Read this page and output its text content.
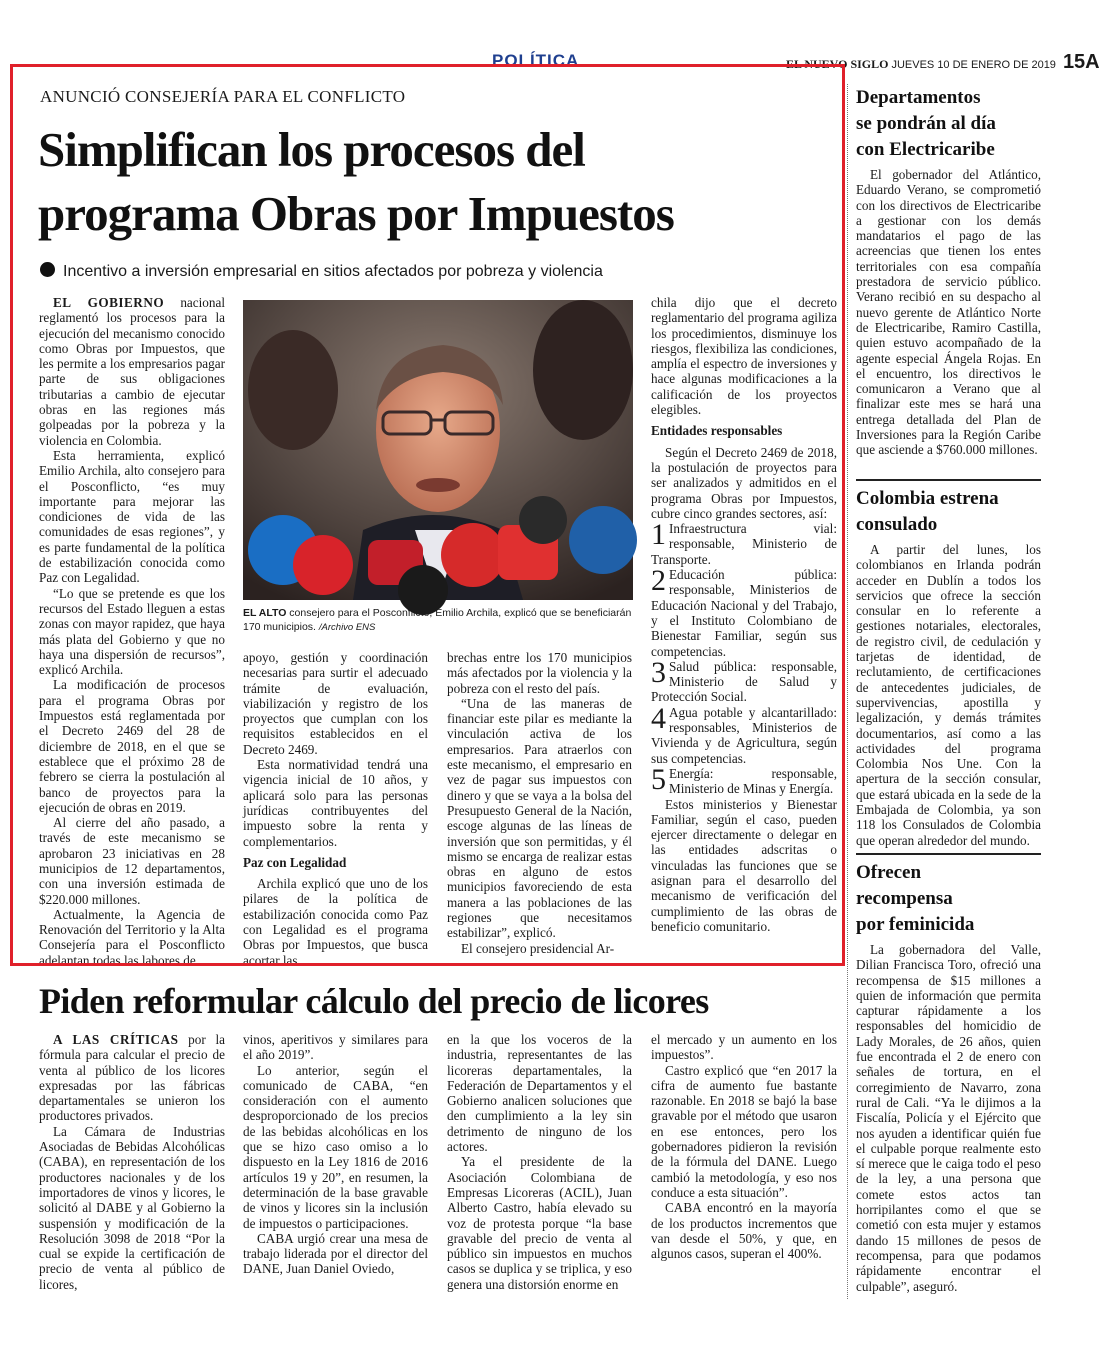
POLÍTICA	EL NUEVO SIGLO JUEVES 10 DE ENERO DE 2019 15A
ANUNCIÓ CONSEJERÍA PARA EL CONFLICTO
Simplifican los procesos del
programa Obras por Impuestos
Incentivo a inversión empresarial en sitios afectados por pobreza y violencia

EL GOBIERNO nacional reglamentó los procesos para la ejecución del mecanismo conocido como Obras por Impuestos, que les permite a los empresarios pagar parte de sus obligaciones tributarias a cambio de ejecutar obras en las regiones más golpeadas por la pobreza y la violencia en Colombia.

Esta herramienta, explicó Emilio Archila, alto consejero para el Posconflicto, “es muy importante para mejorar las condiciones de vida de las comunidades de esas regiones”, y es parte fundamental de la política de estabilización conocida como Paz con Legalidad.

“Lo que se pretende es que los recursos del Estado lleguen a estas zonas con mayor rapidez, que haya más plata del Gobierno y que no haya una dispersión de recursos”, explicó Archila.

La modificación de procesos para el programa Obras por Impuestos está reglamentada por el Decreto 2469 del 28 de diciembre de 2018, en el que se establece que el próximo 28 de febrero se cierra la postulación al banco de proyectos para la ejecución de obras en 2019.

Al cierre del año pasado, a través de este mecanismo se aprobaron 23 iniciativas en 28 municipios de 12 departamentos, con una inversión estimada de $220.000 millones.

Actualmente, la Agencia de Renovación del Territorio y la Alta Consejería para el Posconflicto adelantan todas las labores de

EL ALTO consejero para el Posconflicto, Emilio Archila, explicó que se beneficiarán 170 municipios. /Archivo ENS

apoyo, gestión y coordinación necesarias para surtir el adecuado trámite de evaluación, viabilización y registro de los proyectos que cumplan con los requisitos establecidos en el Decreto 2469.

Esta normatividad tendrá una vigencia inicial de 10 años, y aplicará solo para las personas jurídicas contribuyentes del impuesto sobre la renta y complementarios.

Paz con Legalidad

Archila explicó que uno de los pilares de la política de estabilización conocida como Paz con Legalidad es el programa Obras por Impuestos, que busca acortar las

brechas entre los 170 municipios más afectados por la violencia y la pobreza con el resto del país.

“Una de las maneras de financiar este pilar es mediante la vinculación activa de los empresarios. Para atraerlos con este mecanismo, el empresario en vez de pagar sus impuestos con dinero y que se vaya a la bolsa del Presupuesto General de la Nación, escoge algunas de las líneas de inversión que son permitidas, y él mismo se encarga de realizar estas obras en alguno de estos municipios favoreciendo de esta manera a las poblaciones de las regiones que necesitamos estabilizar”, explicó.

El consejero presidencial Ar-

chila dijo que el decreto reglamentario del programa agiliza los procedimientos, disminuye los riesgos, flexibiliza las condiciones, amplía el espectro de inversiones y hace algunas modificaciones a la calificación de los proyectos elegibles.

Entidades responsables

Según el Decreto 2469 de 2018, la postulación de proyectos para ser analizados y admitidos en el programa Obras por Impuestos, cubre cinco grandes sectores, así:

1 Infraestructura vial: responsable, Ministerio de Transporte.

2 Educación pública: responsable, Ministerios de Educación Nacional y del Trabajo, y el Instituto Colombiano de Bienestar Familiar, según sus competencias.

3 Salud pública: responsable, Ministerio de Salud y Protección Social.

4 Agua potable y alcantarillado: responsables, Ministerios de Vivienda y de Agricultura, según sus competencias.

5 Energía: responsable, Ministerio de Minas y Energía.

Estos ministerios y Bienestar Familiar, según el caso, pueden ejercer directamente o delegar en las entidades adscritas o vinculadas las funciones que se asignan para el desarrollo del mecanismo de verificación del cumplimiento de las obras de beneficio comunitario.

Piden reformular cálculo del precio de licores

A LAS CRÍTICAS por la fórmula para calcular el precio de venta al público de los licores expresadas por las fábricas departamentales se unieron los productores privados.

La Cámara de Industrias Asociadas de Bebidas Alcohólicas (CABA), en representación de los productores nacionales y de los importadores de vinos y licores, le solicitó al DABE y al Gobierno la suspensión y modificación de la Resolución 3098 de 2018 “Por la cual se expide la certificación de precio de venta al público de licores,

vinos, aperitivos y similares para el año 2019”.

Lo anterior, según el comunicado de CABA, “en consideración con el aumento desproporcionado de los precios de las bebidas alcohólicas en los que se hizo caso omiso a lo dispuesto en la Ley 1816 de 2016 artículos 19 y 20”, en resumen, la determinación de la base gravable de vinos y licores sin la inclusión de impuestos o participaciones.

CABA urgió crear una mesa de trabajo liderada por el director del DANE, Juan Daniel Oviedo,

en la que los voceros de la industria, representantes de las licoreras departamentales, la Federación de Departamentos y el Gobierno analicen soluciones que den cumplimiento a la ley sin detrimento de ninguno de los actores.

Ya el presidente de la Asociación Colombiana de Empresas Licoreras (ACIL), Juan Alberto Castro, había elevado su voz de protesta porque “la base gravable del precio de venta al público sin impuestos en muchos casos se duplica y se triplica, y eso genera una distorsión enorme en

el mercado y un aumento en los impuestos”.

Castro explicó que “en 2017 la cifra de aumento fue bastante razonable. En 2018 se bajó la base gravable por el método que usaron en ese entonces, pero los gobernadores pidieron la revisión de la fórmula del DANE. Luego cambió la metodología, y eso nos conduce a esta situación”.

CABA encontró en la mayoría de los productos incrementos que van desde el 50%, y que, en algunos casos, superan el 400%.

Departamentos
se pondrán al día
con Electricaribe

El gobernador del Atlántico, Eduardo Verano, se comprometió con los directivos de Electricaribe a gestionar con los demás mandatarios el pago de las acreencias que tienen los entes territoriales con esa compañía prestadora de servicio público. Verano recibió en su despacho al nuevo gerente de Atlántico Norte de Electricaribe, Ramiro Castilla, quien estuvo acompañado de la agente especial Ángela Rojas. En el encuentro, los directivos le comunicaron a Verano que al finalizar este mes se hará una entrega detallada del Plan de Inversiones para la Región Caribe que asciende a $760.000 millones.

Colombia estrena
consulado

A partir del lunes, los colombianos en Irlanda podrán acceder en Dublín a todos los servicios que ofrece la sección consular en lo referente a gestiones notariales, electorales, de registro civil, de cedulación y tarjetas de identidad, de reclutamiento, de certificaciones de antecedentes judiciales, de supervivencias, apostilla y legalización, y demás trámites documentarios, así como a las actividades del programa Colombia Nos Une. Con la apertura de la sección consular, que estará ubicada en la sede de la Embajada de Colombia, ya son 118 los Consulados de Colombia que operan alrededor del mundo.

Ofrecen
recompensa
por feminicida

La gobernadora del Valle, Dilian Francisca Toro, ofreció una recompensa de $15 millones a quien de información que permita capturar rápidamente a los responsables del homicidio de Lady Morales, de 26 años, quien fue encontrada el 2 de enero con señales de tortura, en el corregimiento de Navarro, zona rural de Cali. “Ya le dijimos a la Fiscalía, Policía y el Ejército que nos ayuden a identificar quién fue el culpable porque realmente esto sí merece que le caiga todo el peso de la ley, a una persona que comete estos actos tan horripilantes como el que se cometió con esta mujer y estamos dando 15 millones de pesos de recompensa, para que podamos rápidamente encontrar el culpable”, aseguró.
